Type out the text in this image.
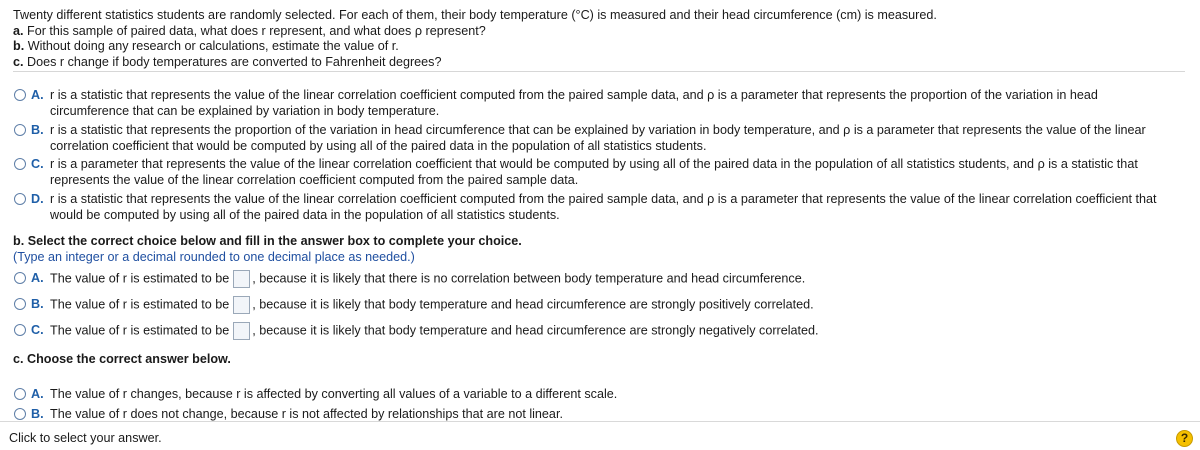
Twenty different statistics students are randomly selected. For each of them, their body temperature (°C) is measured and their head circumference (cm) is measured.

a. For this sample of paired data, what does r represent, and what does ρ represent?

b. Without doing any research or calculations, estimate the value of r.

c. Does r change if body temperatures are converted to Fahrenheit degrees?

A. r is a statistic that represents the value of the linear correlation coefficient computed from the paired sample data, and ρ is a parameter that represents the proportion of the variation in head circumference that can be explained by variation in body temperature.
B. r is a statistic that represents the proportion of the variation in head circumference that can be explained by variation in body temperature, and ρ is a parameter that represents the value of the linear correlation coefficient that would be computed by using all of the paired data in the population of all statistics students.
C. r is a parameter that represents the value of the linear correlation coefficient that would be computed by using all of the paired data in the population of all statistics students, and ρ is a statistic that represents the value of the linear correlation coefficient computed from the paired sample data.
D. r is a statistic that represents the value of the linear correlation coefficient computed from the paired sample data, and ρ is a parameter that represents the value of the linear correlation coefficient that would be computed by using all of the paired data in the population of all statistics students.
b. Select the correct choice below and fill in the answer box to complete your choice.
(Type an integer or a decimal rounded to one decimal place as needed.)
A. The value of r is estimated to be , because it is likely that there is no correlation between body temperature and head circumference.
B. The value of r is estimated to be , because it is likely that body temperature and head circumference are strongly positively correlated.
C. The value of r is estimated to be , because it is likely that body temperature and head circumference are strongly negatively correlated.
c. Choose the correct answer below.
A. The value of r changes, because r is affected by converting all values of a variable to a different scale.
B. The value of r does not change, because r is not affected by relationships that are not linear.
Click to select your answer.	?
